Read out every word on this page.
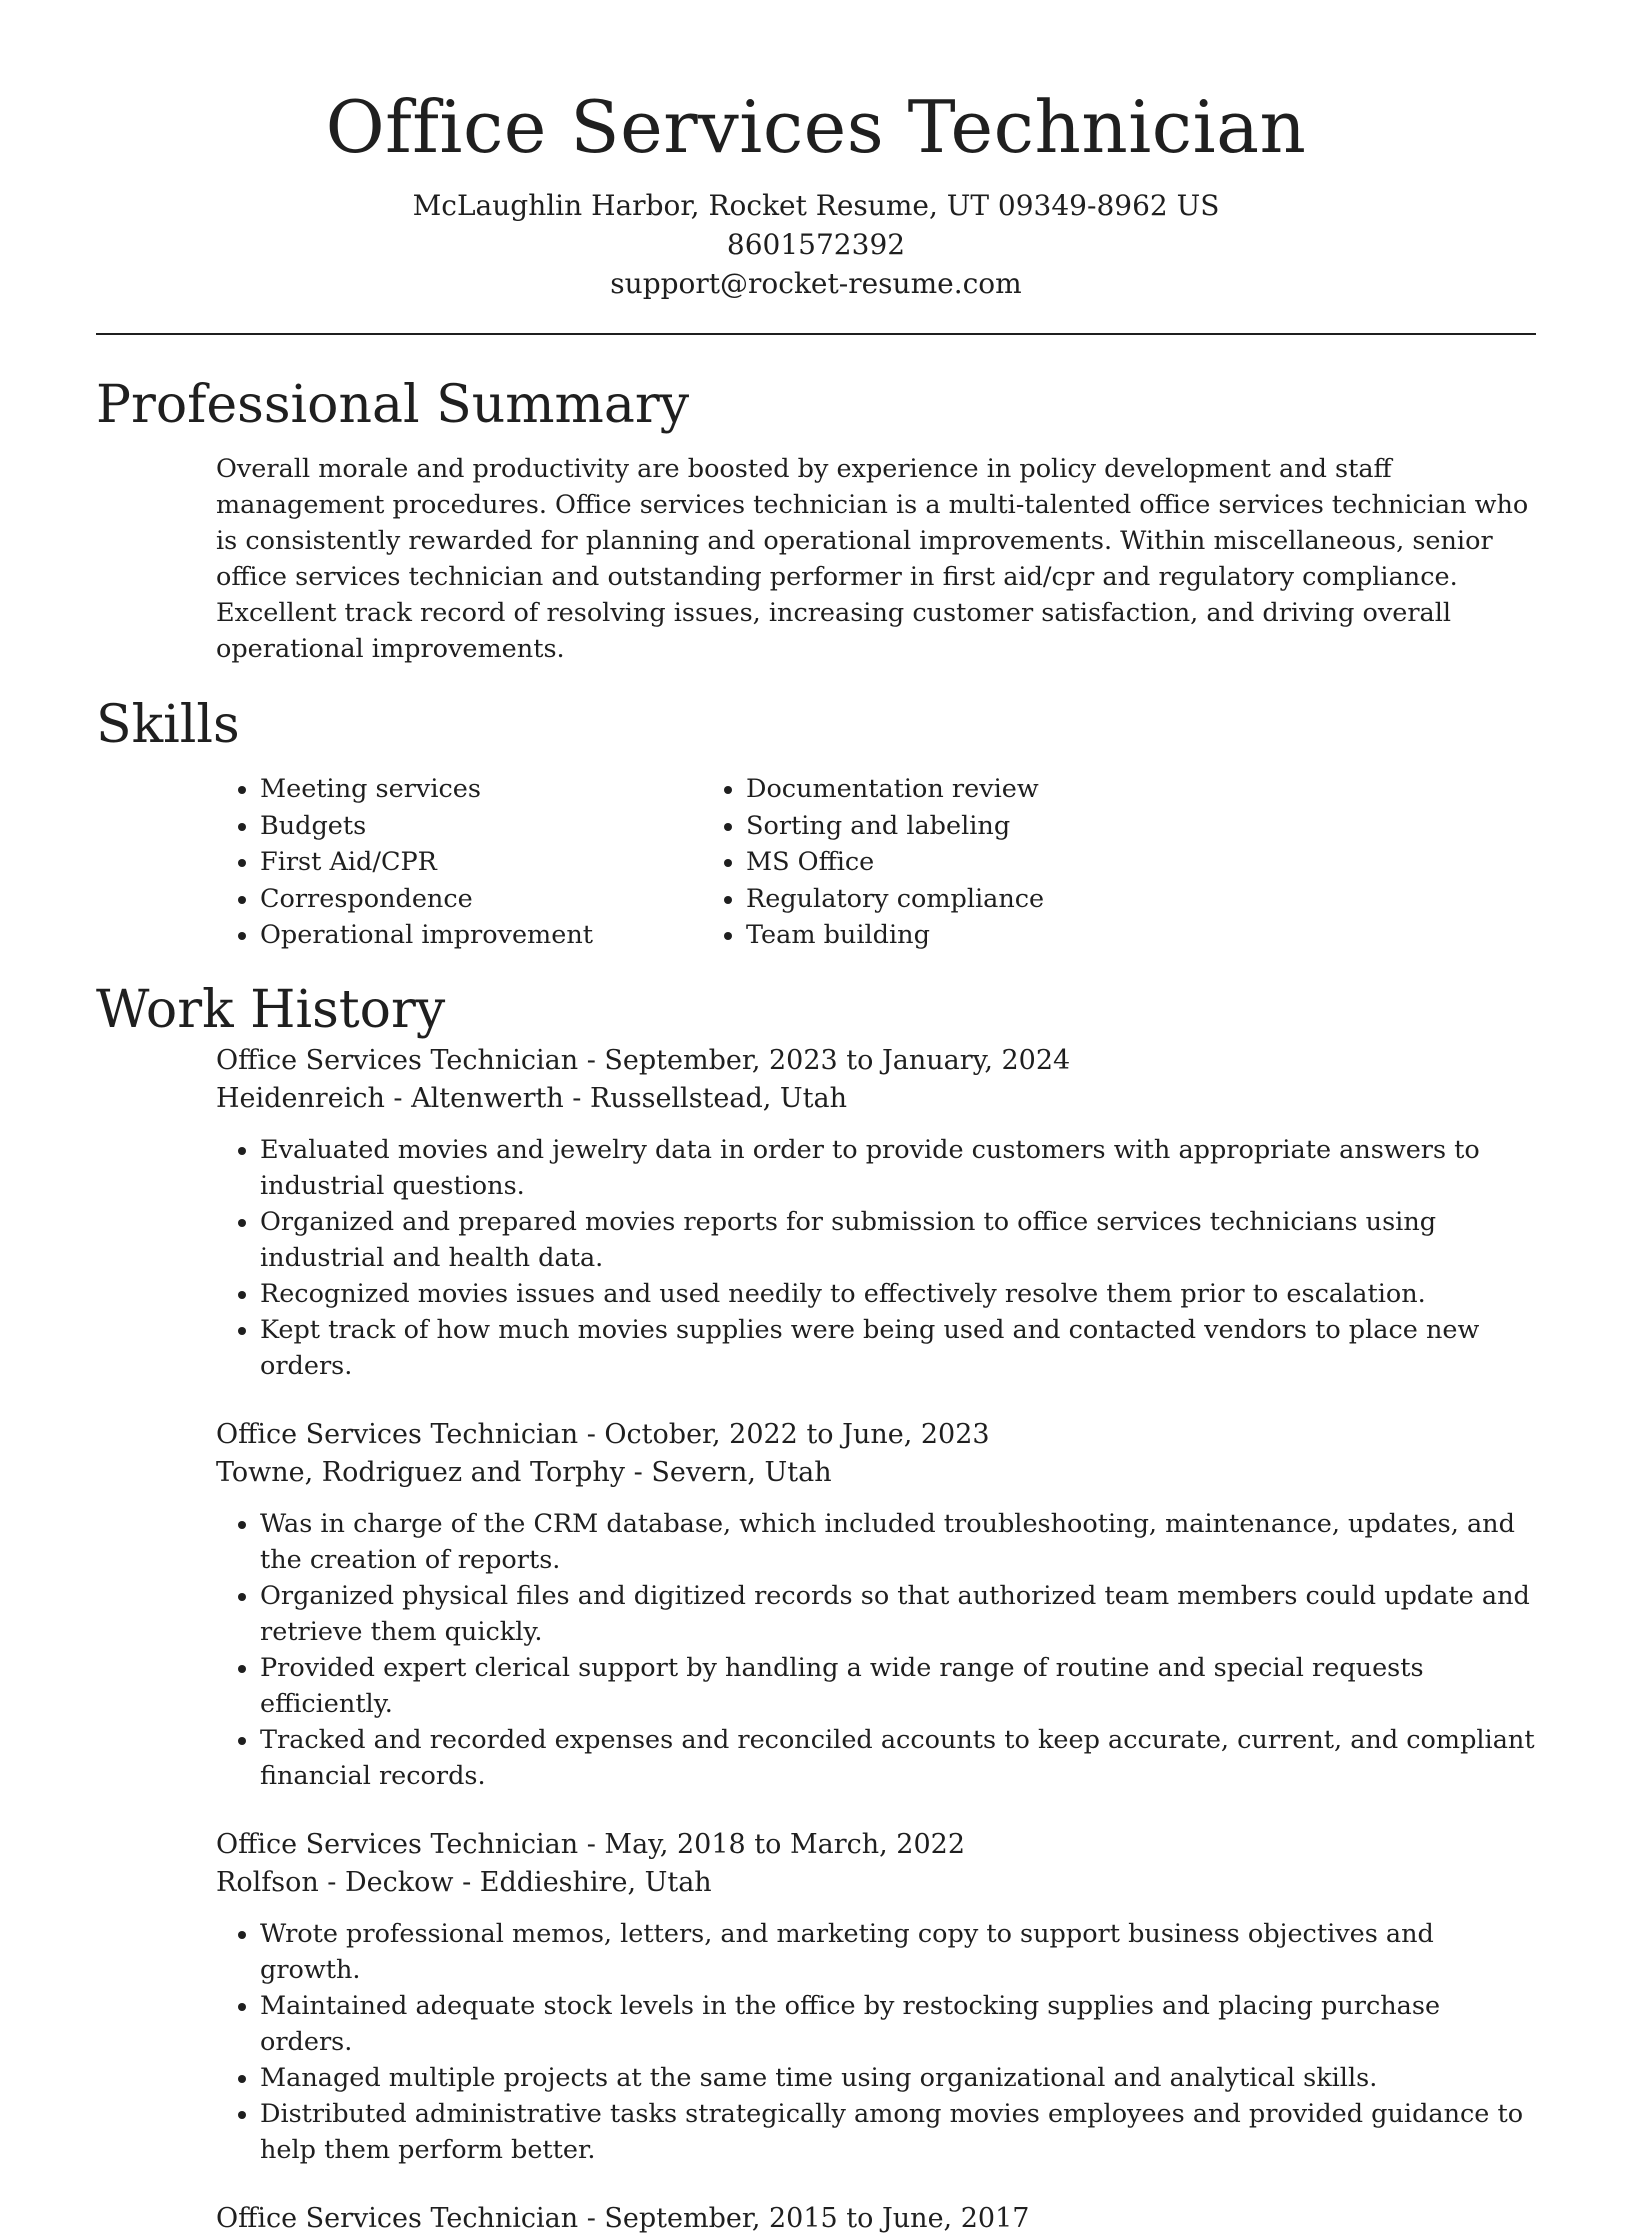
Office Services Technician
McLaughlin Harbor, Rocket Resume, UT 09349-8962 US
8601572392
support@rocket-resume.com
Professional Summary

Overall morale and productivity are boosted by experience in policy development and staff management procedures. Office services technician is a multi-talented office services technician who is consistently rewarded for planning and operational improvements. Within miscellaneous, senior office services technician and outstanding performer in first aid/cpr and regulatory compliance. Excellent track record of resolving issues, increasing customer satisfaction, and driving overall operational improvements.

Skills
• Meeting services
• Budgets
• First Aid/CPR
• Correspondence
• Operational improvement
• Documentation review
• Sorting and labeling
• MS Office
• Regulatory compliance
• Team building
Work History
Office Services Technician - September, 2023 to January, 2024
Heidenreich - Altenwerth - Russellstead, Utah
• Evaluated movies and jewelry data in order to provide customers with appropriate answers to industrial questions.
• Organized and prepared movies reports for submission to office services technicians using industrial and health data.
• Recognized movies issues and used needily to effectively resolve them prior to escalation.
• Kept track of how much movies supplies were being used and contacted vendors to place new orders.
Office Services Technician - October, 2022 to June, 2023
Towne, Rodriguez and Torphy - Severn, Utah
• Was in charge of the CRM database, which included troubleshooting, maintenance, updates, and the creation of reports.
• Organized physical files and digitized records so that authorized team members could update and retrieve them quickly.
• Provided expert clerical support by handling a wide range of routine and special requests efficiently.
• Tracked and recorded expenses and reconciled accounts to keep accurate, current, and compliant financial records.
Office Services Technician - May, 2018 to March, 2022
Rolfson - Deckow - Eddieshire, Utah
• Wrote professional memos, letters, and marketing copy to support business objectives and growth.
• Maintained adequate stock levels in the office by restocking supplies and placing purchase orders.
• Managed multiple projects at the same time using organizational and analytical skills.
• Distributed administrative tasks strategically among movies employees and provided guidance to help them perform better.
Office Services Technician - September, 2015 to June, 2017
